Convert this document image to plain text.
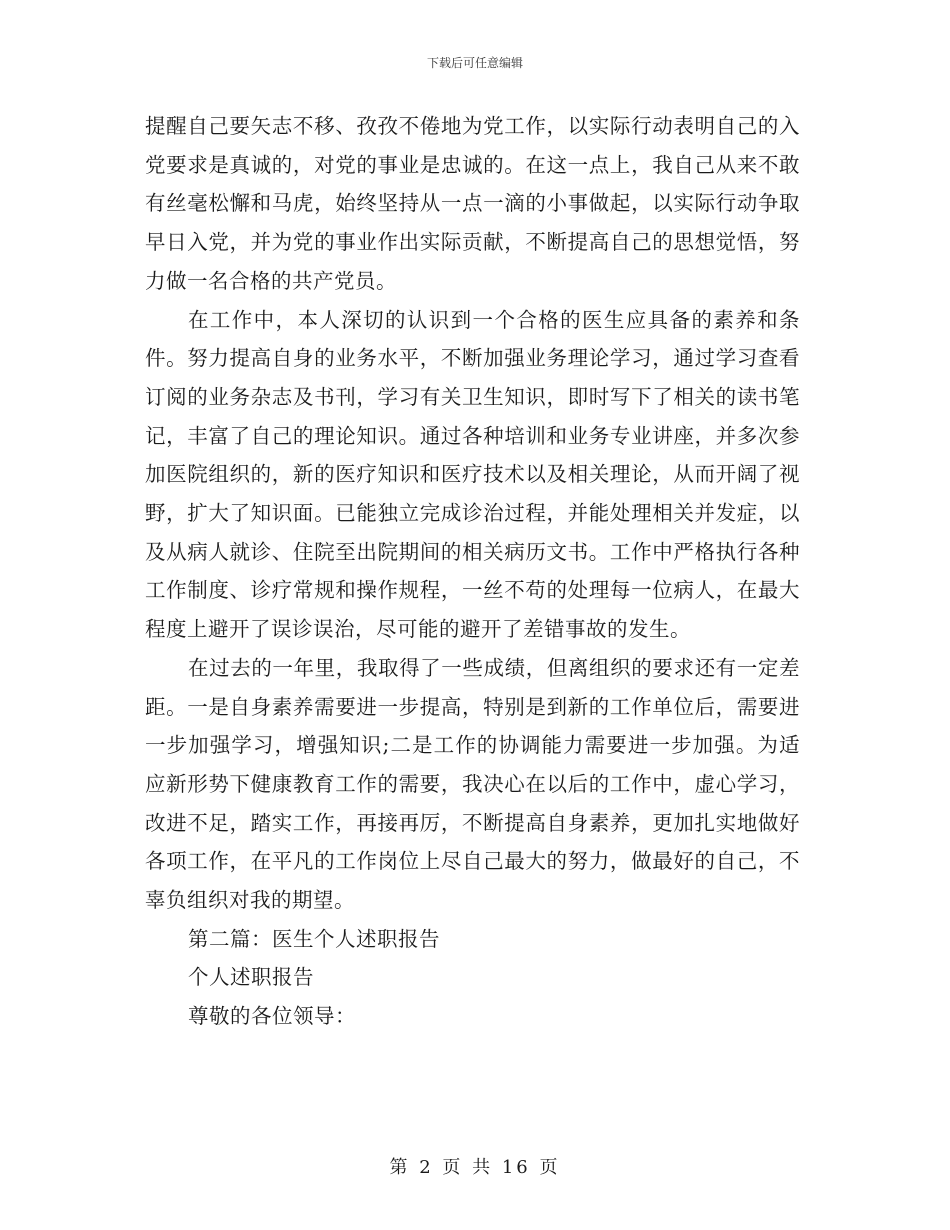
下载后可任意编辑

提醒自己要矢志不移、孜孜不倦地为党工作，以实际行动表明自己的入党要求是真诚的，对党的事业是忠诚的。在这一点上，我自己从来不敢有丝毫松懈和马虎，始终坚持从一点一滴的小事做起，以实际行动争取早日入党，并为党的事业作出实际贡献，不断提高自己的思想觉悟，努力做一名合格的共产党员。

在工作中，本人深切的认识到一个合格的医生应具备的素养和条件。努力提高自身的业务水平，不断加强业务理论学习，通过学习查看订阅的业务杂志及书刊，学习有关卫生知识，即时写下了相关的读书笔记，丰富了自己的理论知识。通过各种培训和业务专业讲座，并多次参加医院组织的，新的医疗知识和医疗技术以及相关理论，从而开阔了视野，扩大了知识面。已能独立完成诊治过程，并能处理相关并发症，以及从病人就诊、住院至出院期间的相关病历文书。工作中严格执行各种工作制度、诊疗常规和操作规程，一丝不苟的处理每一位病人，在最大程度上避开了误诊误治，尽可能的避开了差错事故的发生。

在过去的一年里，我取得了一些成绩，但离组织的要求还有一定差距。一是自身素养需要进一步提高，特别是到新的工作单位后，需要进一步加强学习，增强知识;二是工作的协调能力需要进一步加强。为适应新形势下健康教育工作的需要，我决心在以后的工作中，虚心学习，改进不足，踏实工作，再接再厉，不断提高自身素养，更加扎实地做好各项工作，在平凡的工作岗位上尽自己最大的努力，做最好的自己，不辜负组织对我的期望。

第二篇：医生个人述职报告

个人述职报告

尊敬的各位领导：

第 2 页 共 16 页
